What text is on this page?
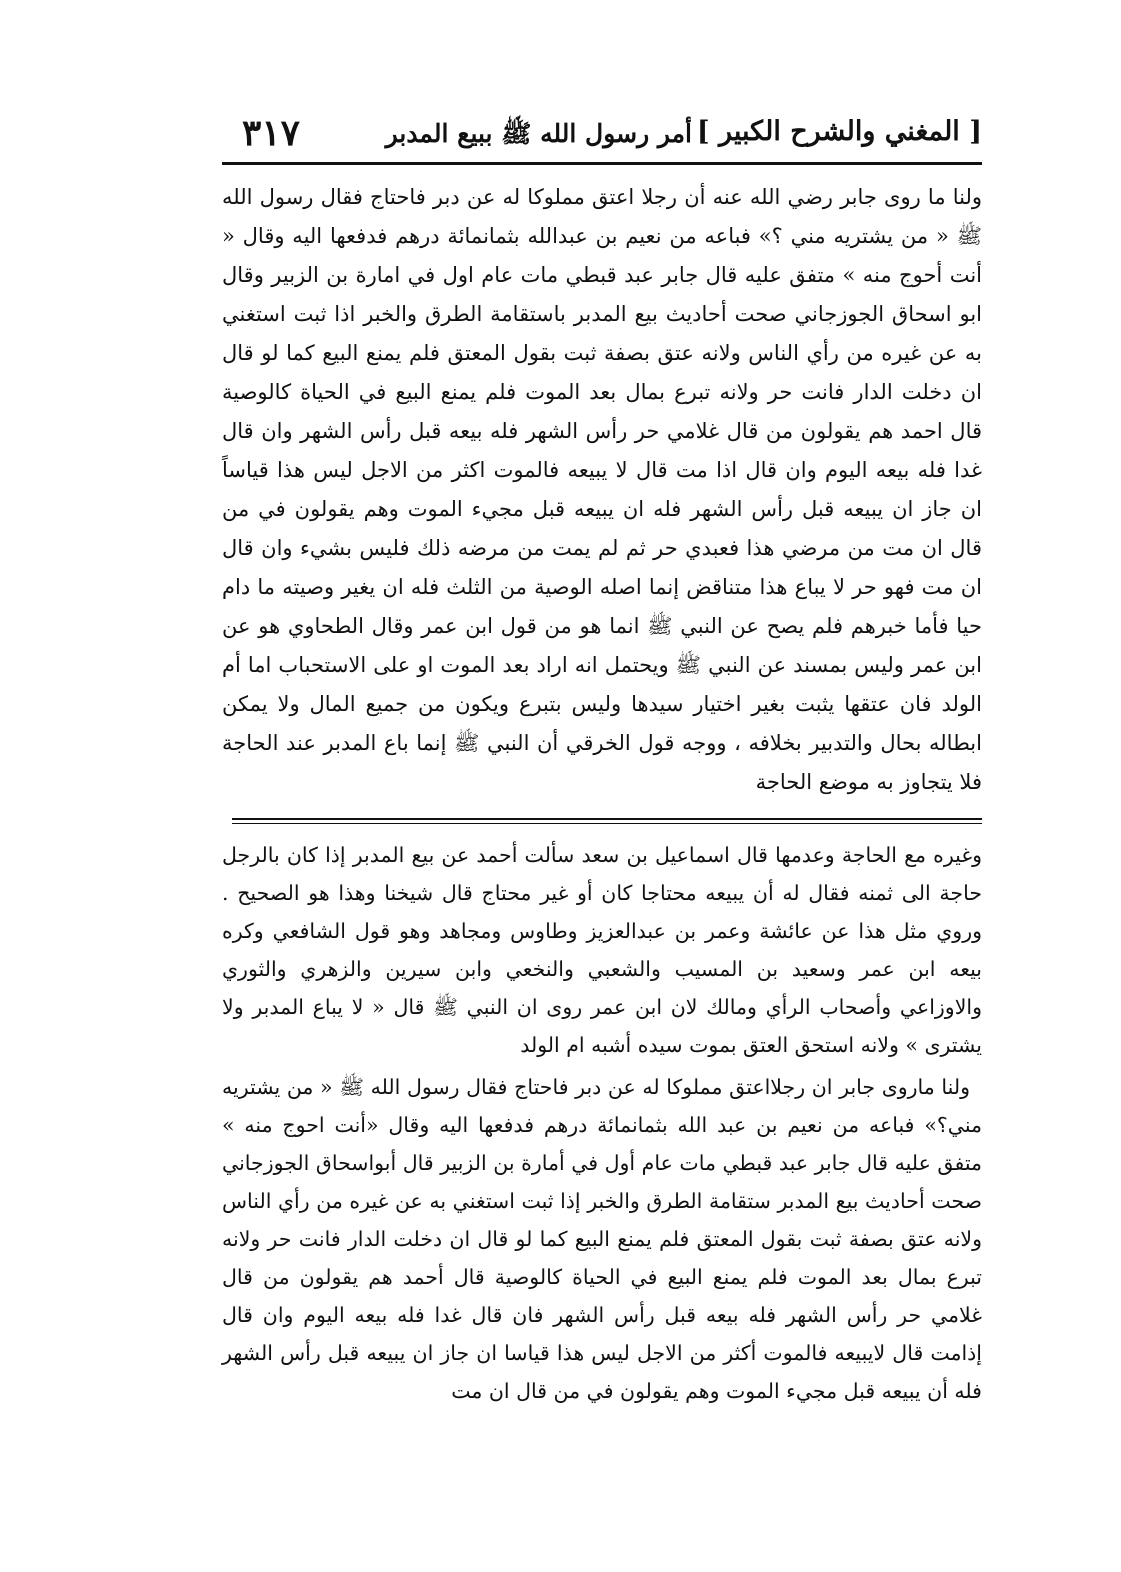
[ المغني والشرح الكبير ]
أمر رسول الله ﷺ ببيع المدبر
٣١٧

ولنا ما روى جابر رضي الله عنه أن رجلا اعتق مملوكا له عن دبر فاحتاج فقال رسول الله ﷺ « من يشتريه مني ؟» فباعه من نعيم بن عبدالله بثمانمائة درهم فدفعها اليه وقال « أنت أحوج منه » متفق عليه قال جابر عبد قبطي مات عام اول في امارة بن الزبير وقال ابو اسحاق الجوزجاني صحت أحاديث بيع المدبر باستقامة الطرق والخبر اذا ثبت استغني به عن غيره من رأي الناس ولانه عتق بصفة ثبت بقول المعتق فلم يمنع البيع كما لو قال ان دخلت الدار فانت حر ولانه تبرع بمال بعد الموت فلم يمنع البيع في الحياة كالوصية قال احمد هم يقولون من قال غلامي حر رأس الشهر فله بيعه قبل رأس الشهر وان قال غدا فله بيعه اليوم وان قال اذا مت قال لا يبيعه فالموت اكثر من الاجل ليس هذا قياساً ان جاز ان يبيعه قبل رأس الشهر فله ان يبيعه قبل مجيء الموت وهم يقولون في من قال ان مت من مرضي هذا فعبدي حر ثم لم يمت من مرضه ذلك فليس بشيء وان قال ان مت فهو حر لا يباع هذا متناقض إنما اصله الوصية من الثلث فله ان يغير وصيته ما دام حيا فأما خبرهم فلم يصح عن النبي ﷺ انما هو من قول ابن عمر وقال الطحاوي هو عن ابن عمر وليس بمسند عن النبي ﷺ ويحتمل انه اراد بعد الموت او على الاستحباب اما أم الولد فان عتقها يثبت بغير اختيار سيدها وليس بتبرع ويكون من جميع المال ولا يمكن ابطاله بحال والتدبير بخلافه ، ووجه قول الخرقي أن النبي ﷺ إنما باع المدبر عند الحاجة فلا يتجاوز به موضع الحاجة

وغيره مع الحاجة وعدمها قال اسماعيل بن سعد سألت أحمد عن بيع المدبر إذا كان بالرجل حاجة الى ثمنه فقال له أن يبيعه محتاجا كان أو غير محتاج قال شيخنا وهذا هو الصحيح . وروي مثل هذا عن عائشة وعمر بن عبدالعزيز وطاوس ومجاهد وهو قول الشافعي وكره بيعه ابن عمر وسعيد بن المسيب والشعبي والنخعي وابن سيرين والزهري والثوري والاوزاعي وأصحاب الرأي ومالك لان ابن عمر روى ان النبي ﷺ قال « لا يباع المدبر ولا يشترى » ولانه استحق العتق بموت سيده أشبه ام الولد

ولنا ماروى جابر ان رجلااعتق مملوكا له عن دبر فاحتاج فقال رسول الله ﷺ « من يشتريه مني؟» فباعه من نعيم بن عبد الله بثمانمائة درهم فدفعها اليه وقال «أنت احوج منه » متفق عليه قال جابر عبد قبطي مات عام أول في أمارة بن الزبير قال أبواسحاق الجوزجاني صحت أحاديث بيع المدبر ستقامة الطرق والخبر إذا ثبت استغني به عن غيره من رأي الناس ولانه عتق بصفة ثبت بقول المعتق فلم يمنع البيع كما لو قال ان دخلت الدار فانت حر ولانه تبرع بمال بعد الموت فلم يمنع البيع في الحياة كالوصية قال أحمد هم يقولون من قال غلامي حر رأس الشهر فله بيعه قبل رأس الشهر فان قال غدا فله بيعه اليوم وان قال إذامت قال لايبيعه فالموت أكثر من الاجل ليس هذا قياسا ان جاز ان يبيعه قبل رأس الشهر فله أن يبيعه قبل مجيء الموت وهم يقولون في من قال ان مت
